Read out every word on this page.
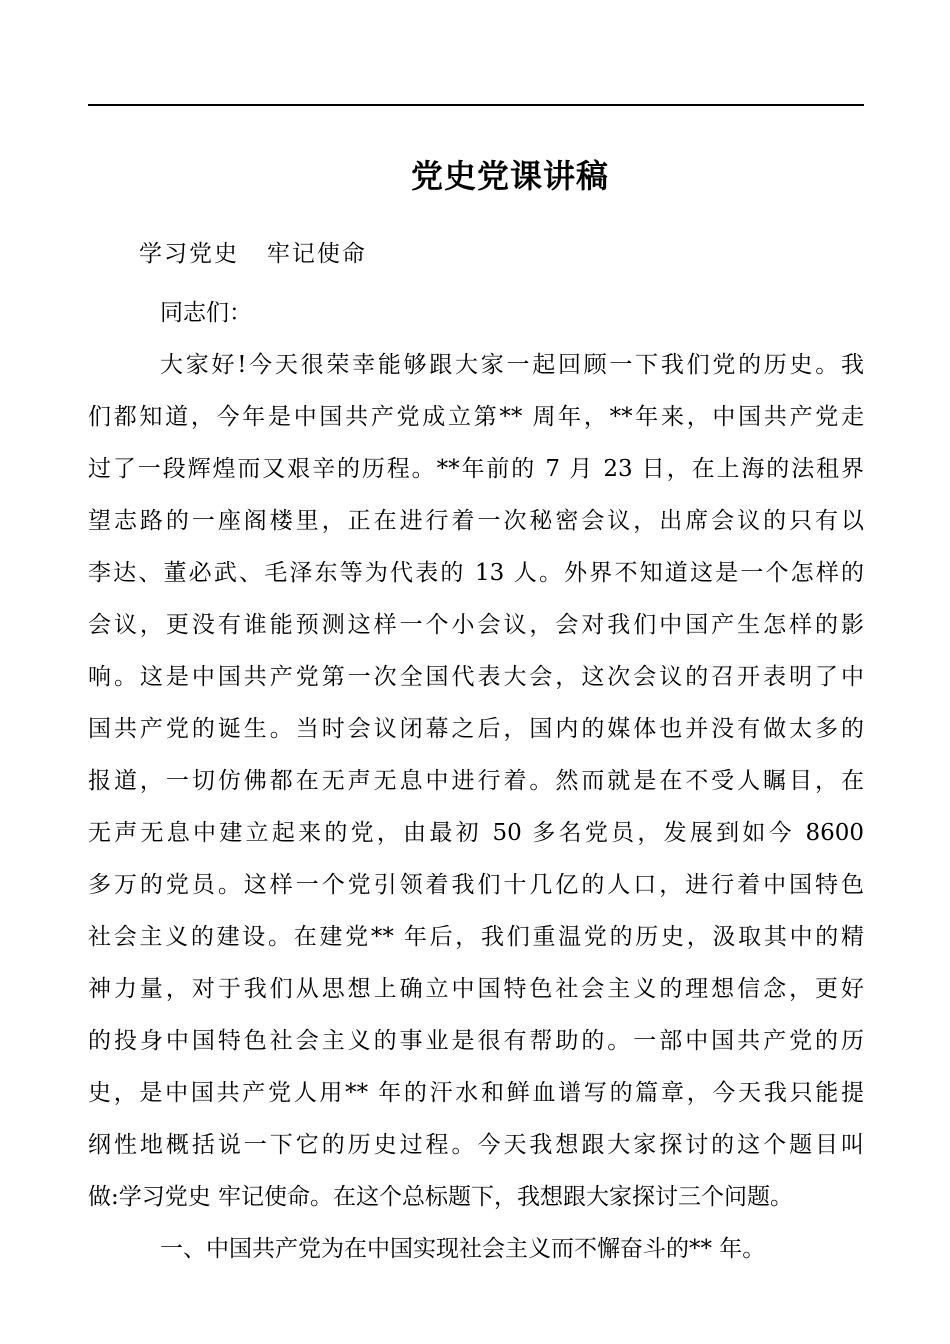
党史党课讲稿
学习党史   牢记使命
同志们：
大家好!今天很荣幸能够跟大家一起回顾一下我们党的历史。我
们都知道，今年是中国共产党成立第** 周年，**年来，中国共产党走
过了一段辉煌而又艰辛的历程。**年前的 7 月 23 日，在上海的法租界
望志路的一座阁楼里，正在进行着一次秘密会议，出席会议的只有以
李达、董必武、毛泽东等为代表的 13 人。外界不知道这是一个怎样的
会议，更没有谁能预测这样一个小会议，会对我们中国产生怎样的影
响。这是中国共产党第一次全国代表大会，这次会议的召开表明了中
国共产党的诞生。当时会议闭幕之后，国内的媒体也并没有做太多的
报道，一切仿佛都在无声无息中进行着。然而就是在不受人瞩目，在
无声无息中建立起来的党，由最初 50 多名党员，发展到如今 8600
多万的党员。这样一个党引领着我们十几亿的人口，进行着中国特色
社会主义的建设。在建党** 年后，我们重温党的历史，汲取其中的精
神力量，对于我们从思想上确立中国特色社会主义的理想信念，更好
的投身中国特色社会主义的事业是很有帮助的。一部中国共产党的历
史，是中国共产党人用** 年的汗水和鲜血谱写的篇章，今天我只能提
纲性地概括说一下它的历史过程。今天我想跟大家探讨的这个题目叫
做:学习党史 牢记使命。在这个总标题下，我想跟大家探讨三个问题。
一、中国共产党为在中国实现社会主义而不懈奋斗的** 年。
